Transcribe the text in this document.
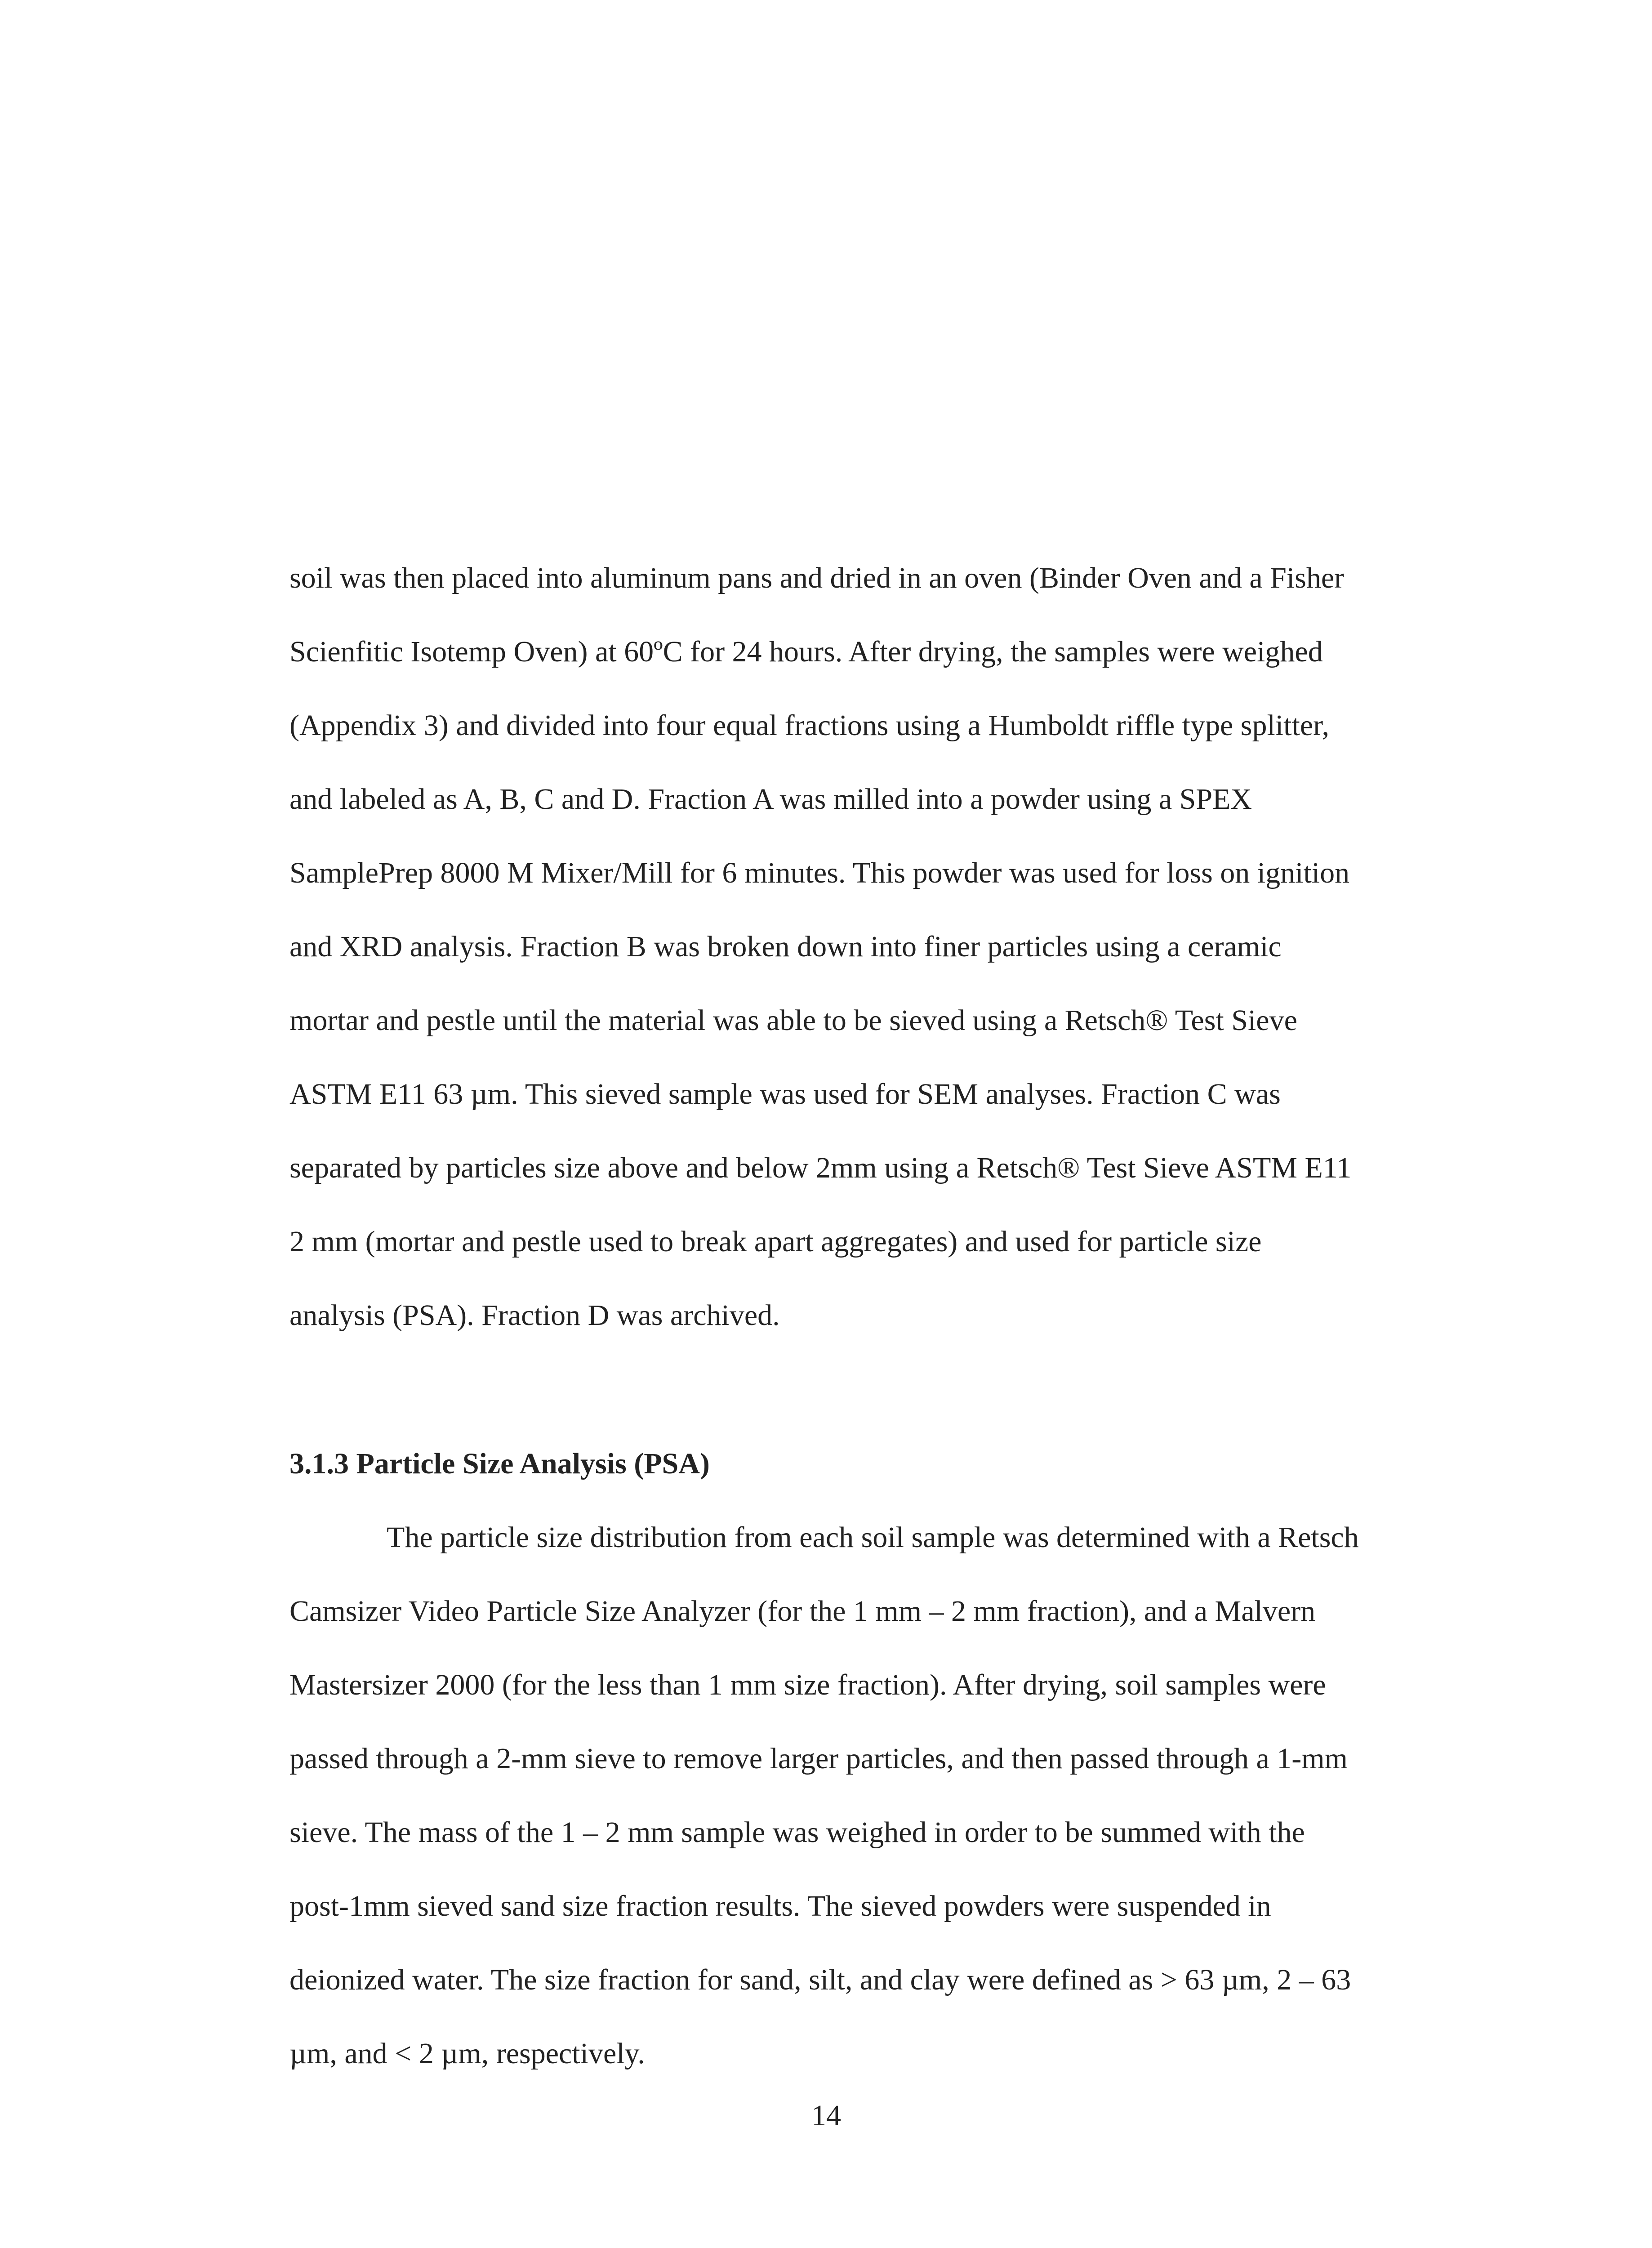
soil was then placed into aluminum pans and dried in an oven (Binder Oven and a Fisher
Scienfitic Isotemp Oven) at 60ºC for 24 hours. After drying, the samples were weighed
(Appendix 3) and divided into four equal fractions using a Humboldt riffle type splitter,
and labeled as A, B, C and D. Fraction A was milled into a powder using a SPEX
SamplePrep 8000 M Mixer/Mill for 6 minutes. This powder was used for loss on ignition
and XRD analysis. Fraction B was broken down into finer particles using a ceramic
mortar and pestle until the material was able to be sieved using a Retsch® Test Sieve
ASTM E11 63 µm. This sieved sample was used for SEM analyses. Fraction C was
separated by particles size above and below 2mm using a Retsch® Test Sieve ASTM E11
2 mm (mortar and pestle used to break apart aggregates) and used for particle size
analysis (PSA). Fraction D was archived.
3.1.3 Particle Size Analysis (PSA)
The particle size distribution from each soil sample was determined with a Retsch
Camsizer Video Particle Size Analyzer (for the 1 mm – 2 mm fraction), and a Malvern
Mastersizer 2000 (for the less than 1 mm size fraction). After drying, soil samples were
passed through a 2-mm sieve to remove larger particles, and then passed through a 1-mm
sieve. The mass of the 1 – 2 mm sample was weighed in order to be summed with the
post-1mm sieved sand size fraction results. The sieved powders were suspended in
deionized water. The size fraction for sand, silt, and clay were defined as > 63 µm, 2 – 63
µm, and < 2 µm, respectively.
14
